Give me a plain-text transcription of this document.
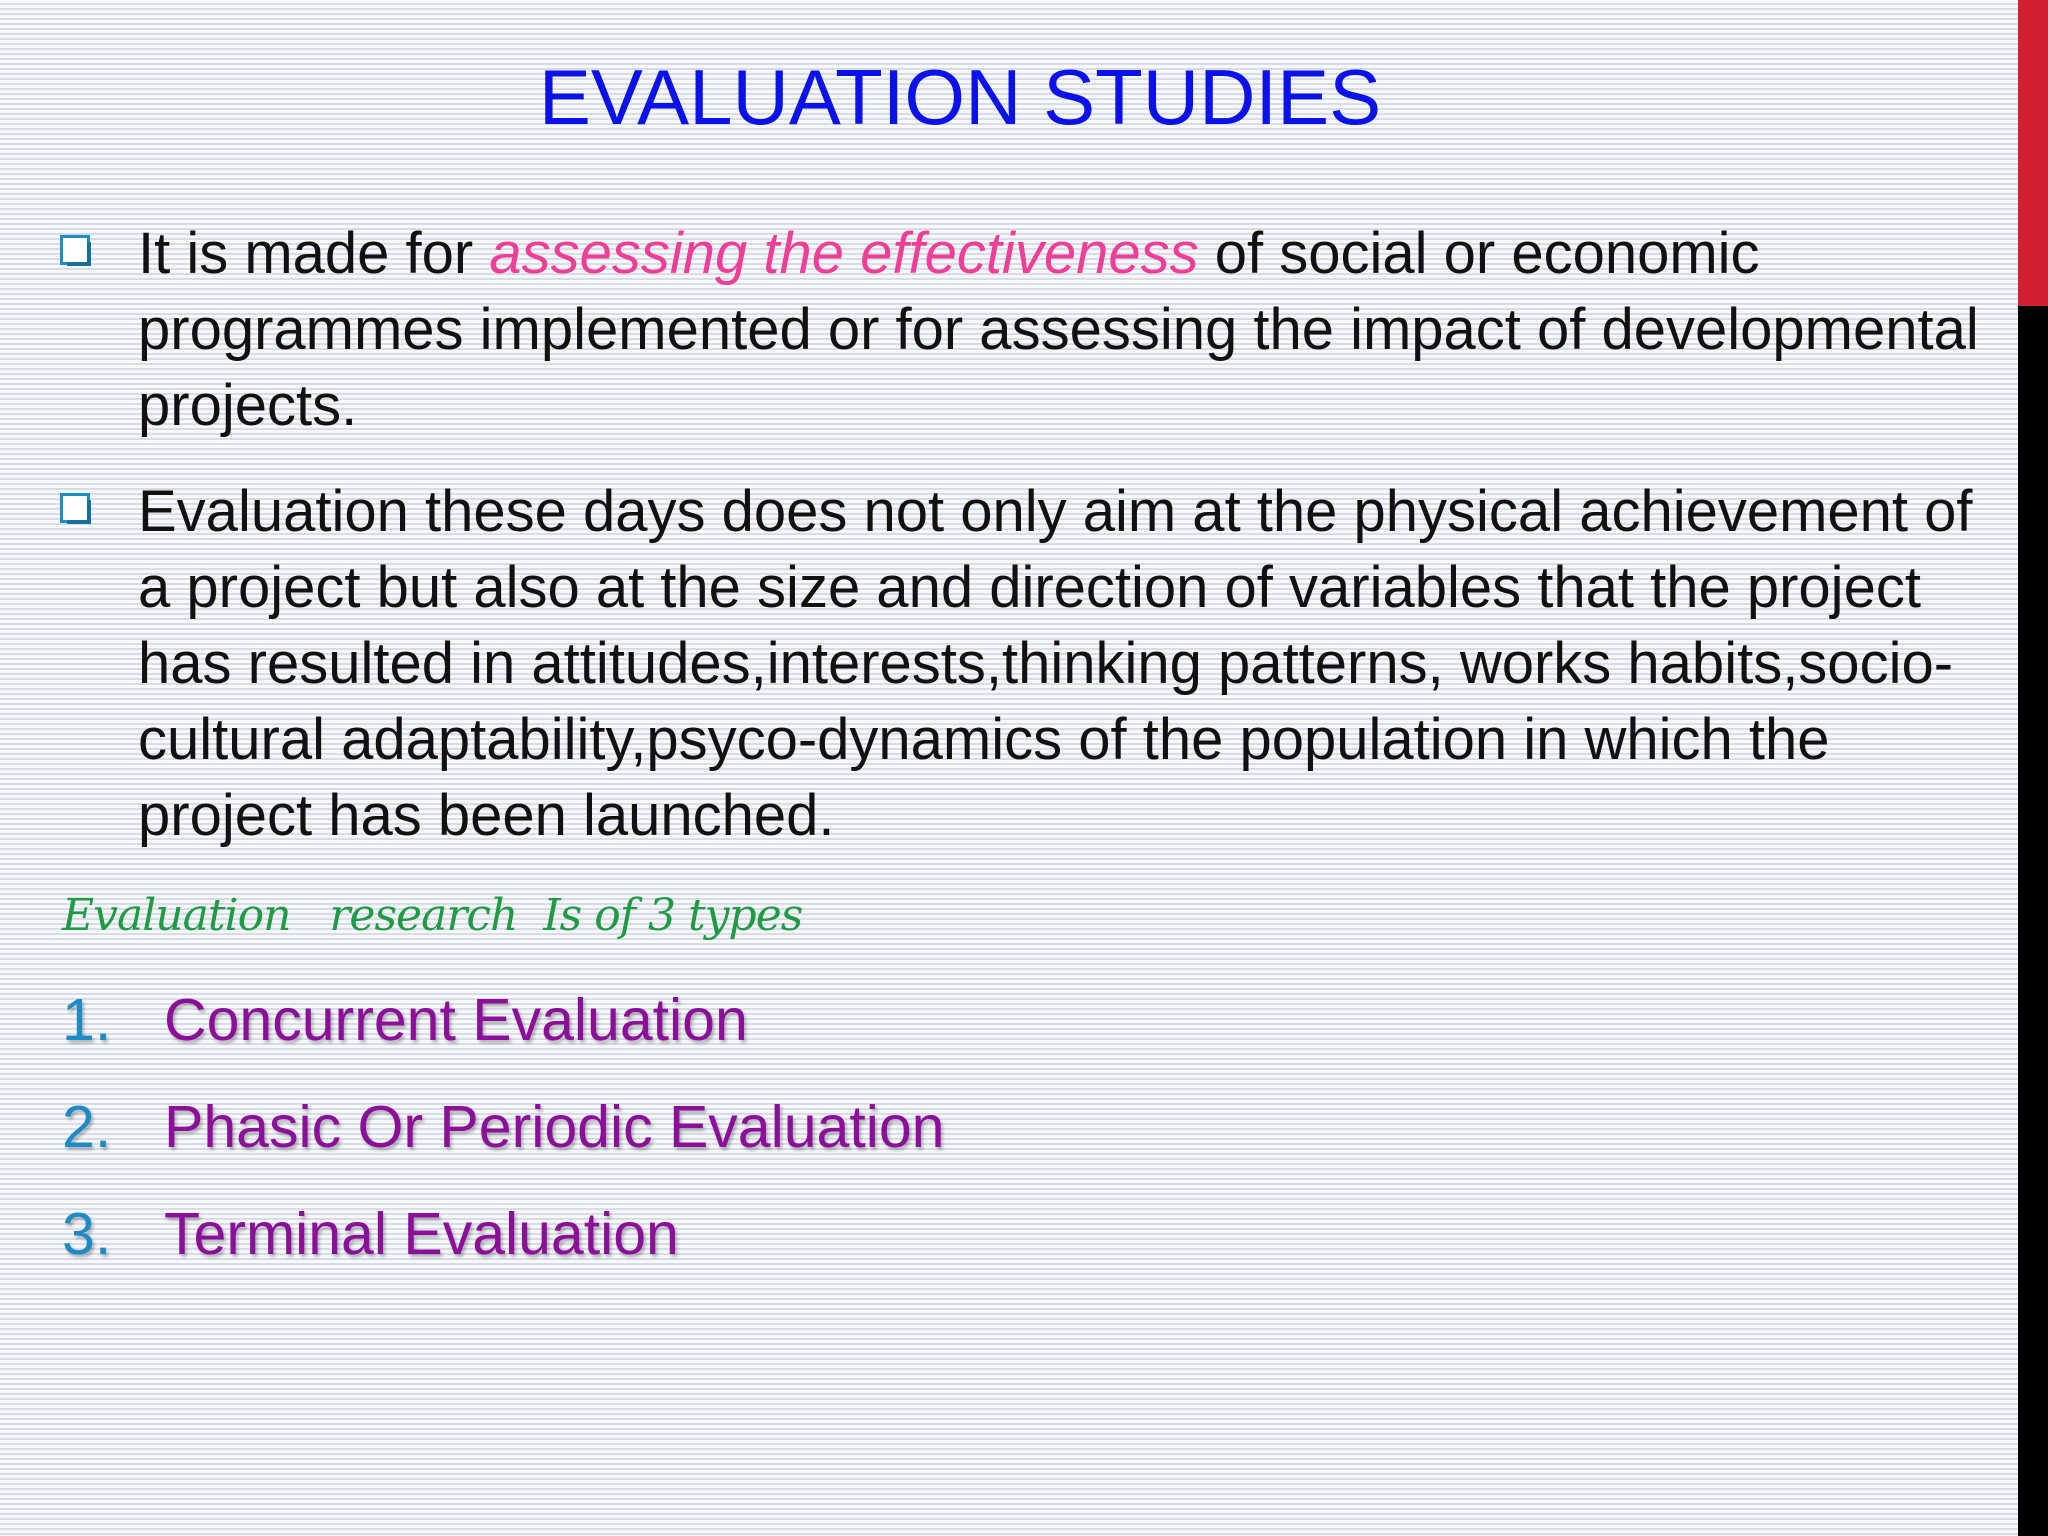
EVALUATION STUDIES
It is made for assessing the effectiveness of social or economic programmes implemented or for assessing the impact of developmental projects.
Evaluation these days does not only aim at the physical achievement of a project but also at the size and direction of variables that the project has resulted in attitudes,interests,thinking patterns, works habits,socio-cultural adaptability,psyco-dynamics of the population in which the project has been launched.
Evaluation   research  Is of 3 types
1. Concurrent Evaluation
2. Phasic Or Periodic Evaluation
3. Terminal Evaluation
